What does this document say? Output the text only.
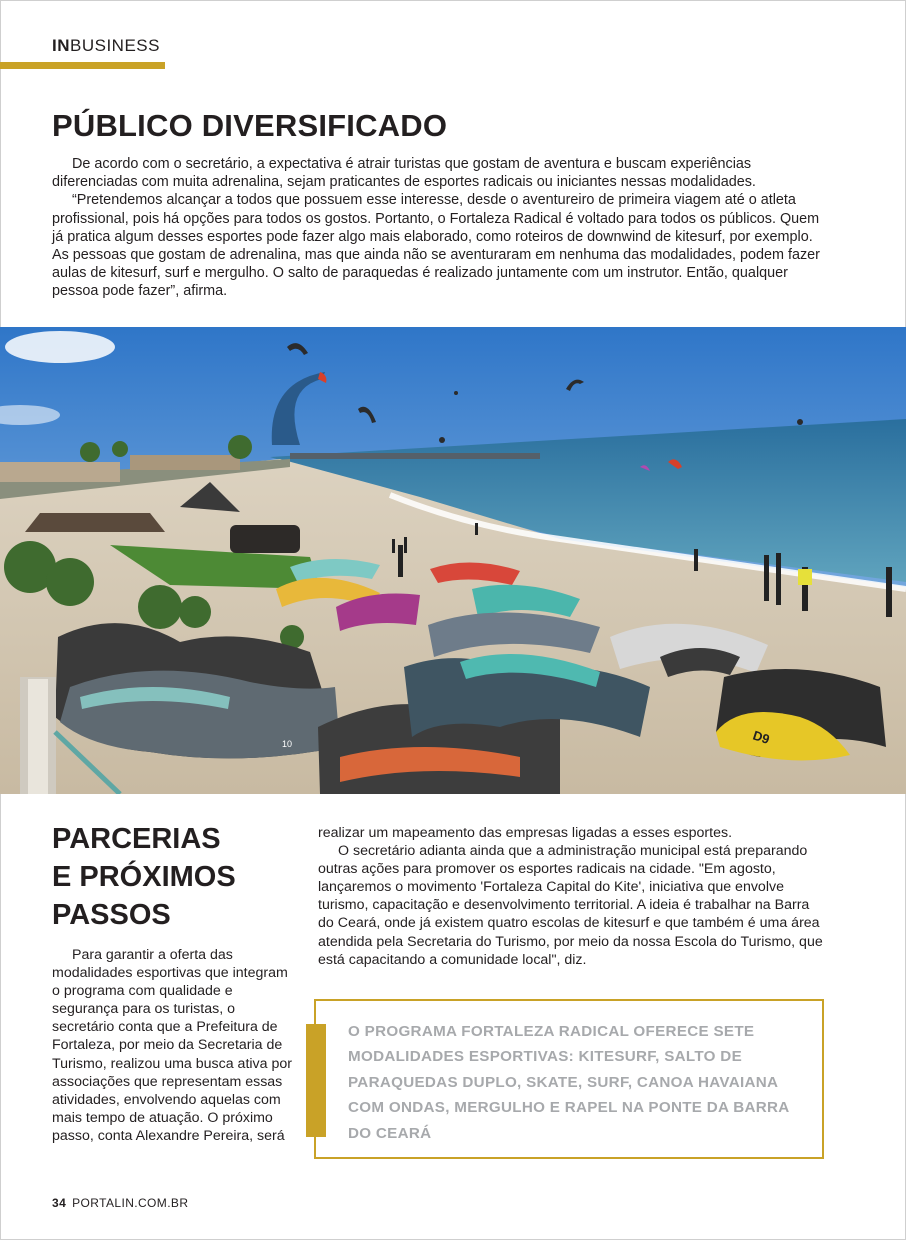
INBUSINESS
PÚBLICO DIVERSIFICADO

De acordo com o secretário, a expectativa é atrair turistas que gostam de aventura e buscam experiências diferenciadas com muita adrenalina, sejam praticantes de esportes radicais ou iniciantes nessas modalidades.

“Pretendemos alcançar a todos que possuem esse interesse, desde o aventureiro de primeira viagem até o atleta profissional, pois há opções para todos os gostos. Portanto, o Fortaleza Radical é voltado para todos os públicos. Quem já pratica algum desses esportes pode fazer algo mais elaborado, como roteiros de downwind de kitesurf, por exemplo. As pessoas que gostam de adrenalina, mas que ainda não se aventuraram em nenhuma das modalidades, podem fazer aulas de kitesurf, surf e mergulho. O salto de paraquedas é realizado juntamente com um instrutor. Então, qualquer pessoa pode fazer”, afirma.

10	D9
PARCERIAS
E PRÓXIMOS
PASSOS

Para garantir a oferta das modalidades esportivas que integram o programa com qualidade e segurança para os turistas, o secretário conta que a Prefeitura de Fortaleza, por meio da Secretaria de Turismo, realizou uma busca ativa por associações que representam essas atividades, envolvendo aquelas com mais tempo de atuação. O próximo passo, conta Alexandre Pereira, será

realizar um mapeamento das empresas ligadas a esses esportes.

O secretário adianta ainda que a administração municipal está preparando outras ações para promover os esportes radicais na cidade. "Em agosto, lançaremos o movimento 'Fortaleza Capital do Kite', iniciativa que envolve turismo, capacitação e desenvolvimento territorial. A ideia é trabalhar na Barra do Ceará, onde já existem quatro escolas de kitesurf e que também é uma área atendida pela Secretaria do Turismo, por meio da nossa Escola do Turismo, que está capacitando a comunidade local", diz.

O PROGRAMA FORTALEZA RADICAL OFERECE SETE MODALIDADES ESPORTIVAS: KITESURF, SALTO DE PARAQUEDAS DUPLO, SKATE, SURF, CANOA HAVAIANA COM ONDAS, MERGULHO E RAPEL NA PONTE DA BARRA DO CEARÁ
34 PORTALIN.COM.BR
